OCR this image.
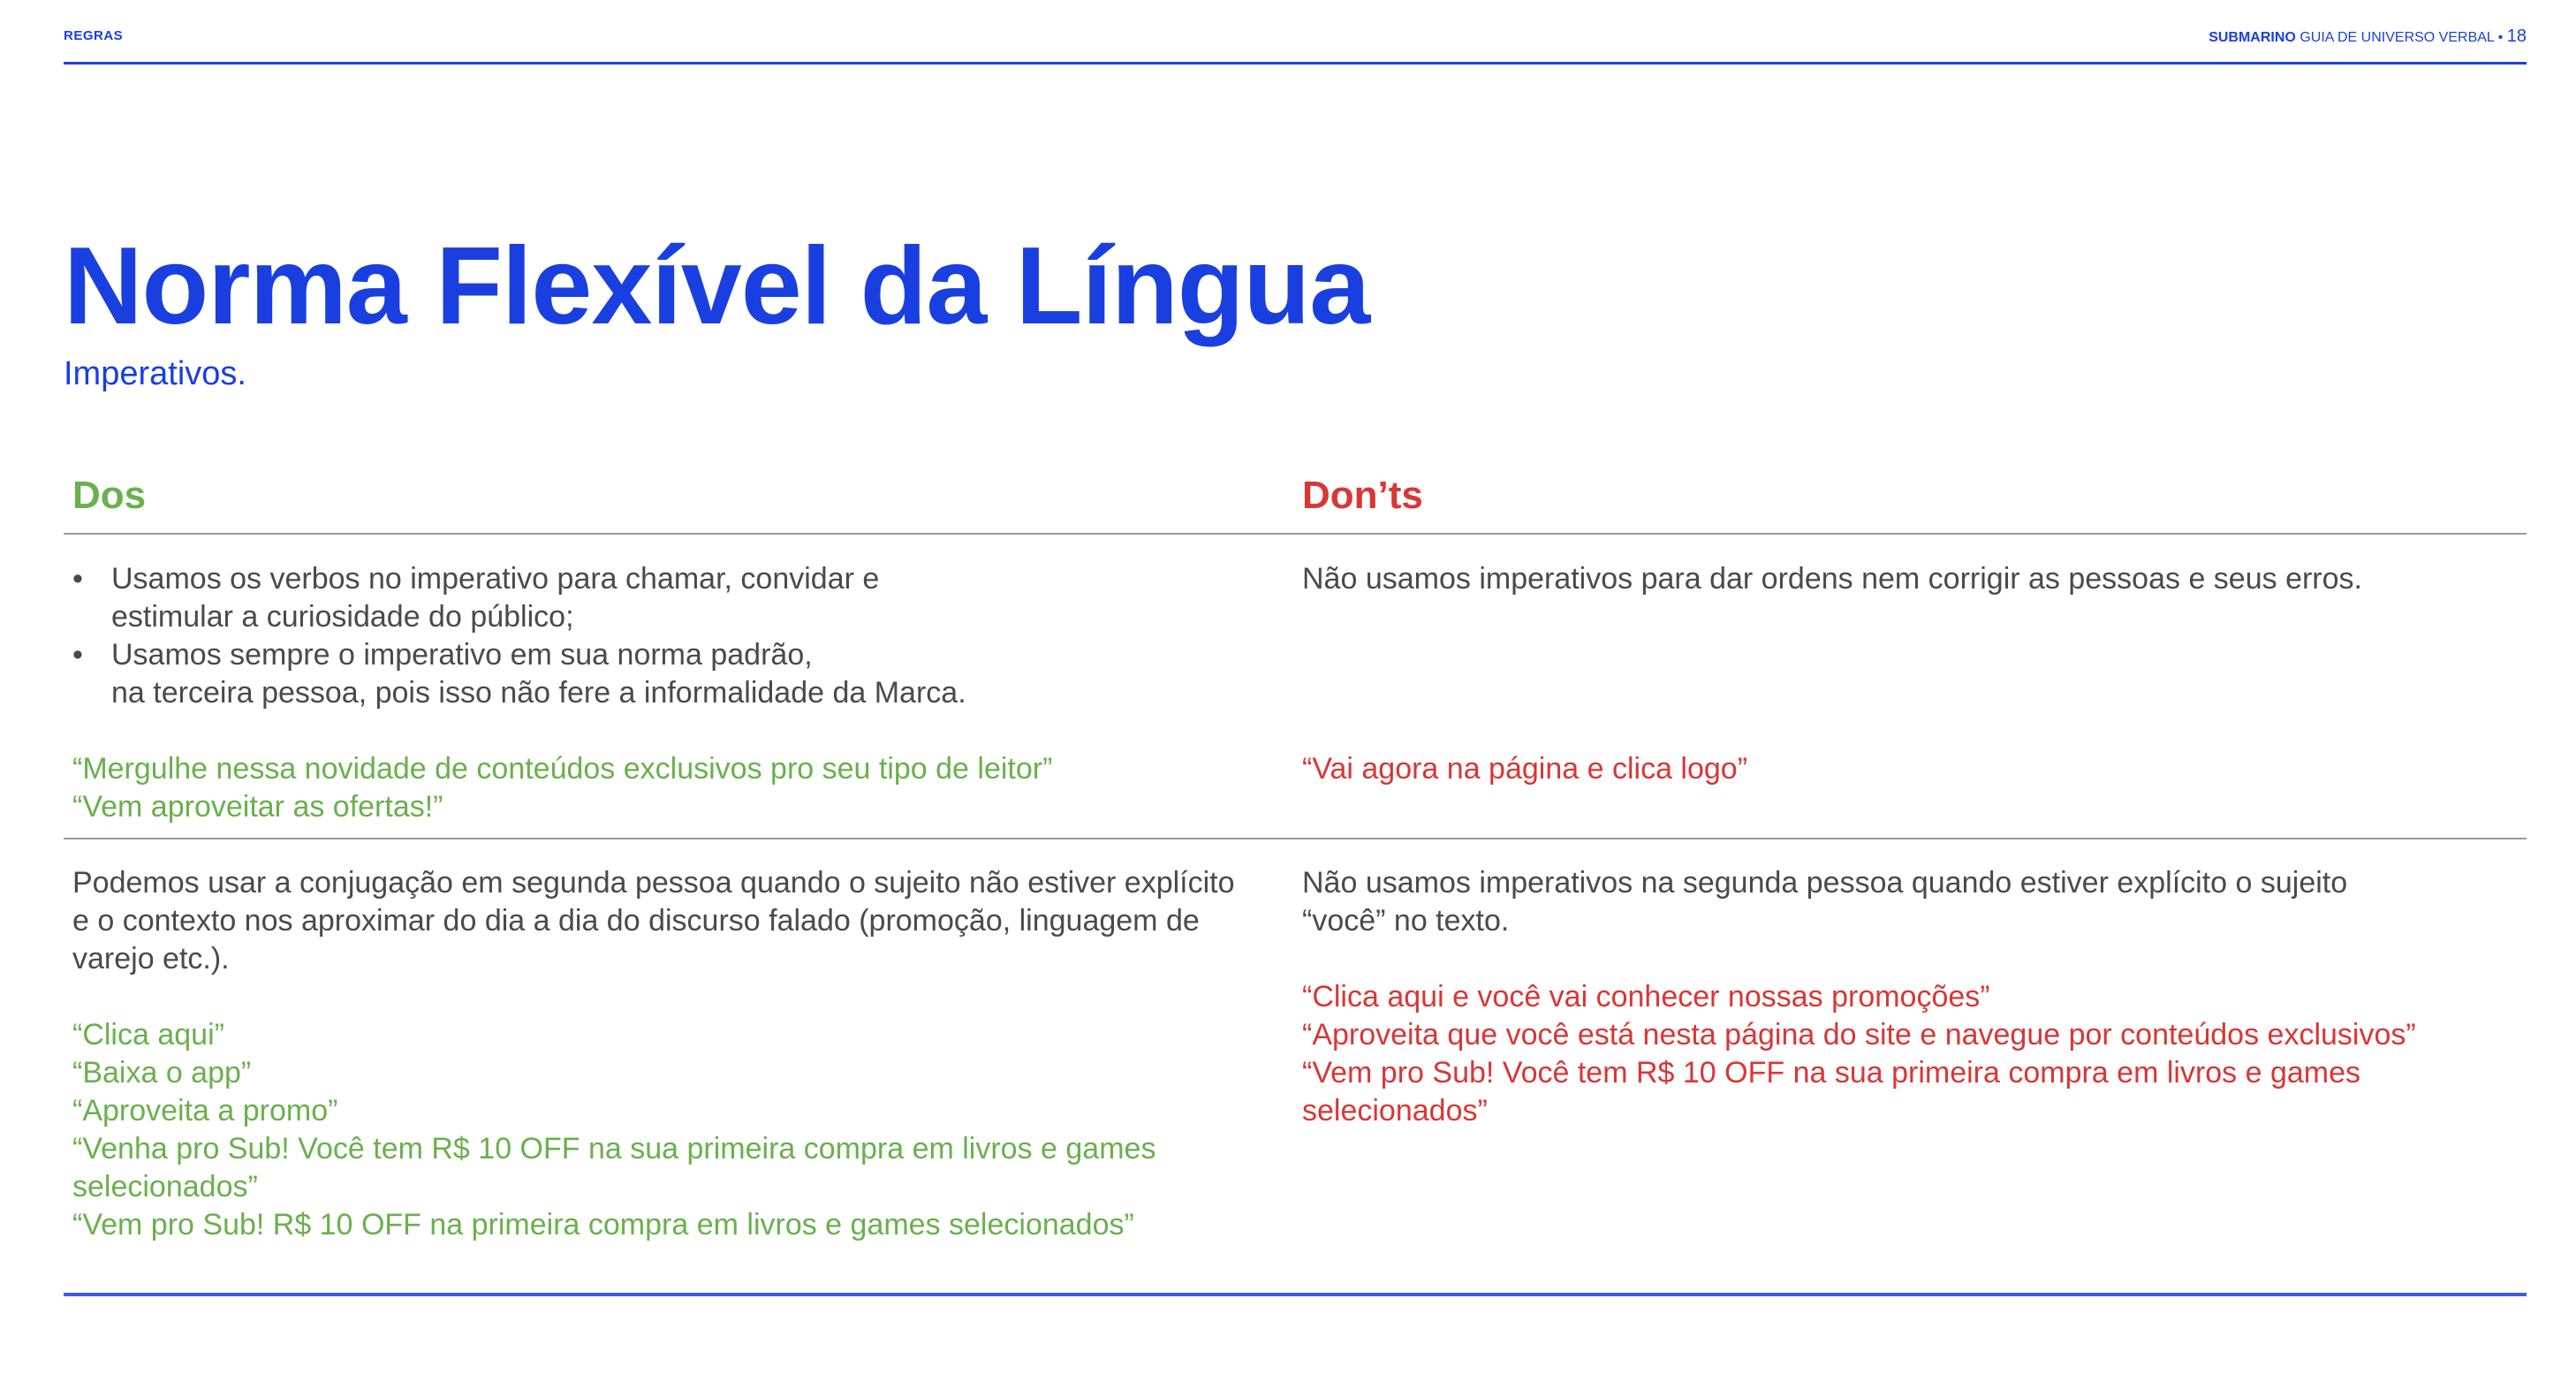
REGRAS	SUBMARINO GUIA DE UNIVERSO VERBAL • 18
Norma Flexível da Língua
Imperativos.
Dos	Don’ts
• Usamos os verbos no imperativo para chamar, convidar e
estimular a curiosidade do público;
• Usamos sempre o imperativo em sua norma padrão,
na terceira pessoa, pois isso não fere a informalidade da Marca.

“Mergulhe nessa novidade de conteúdos exclusivos pro seu tipo de leitor”

“Vem aproveitar as ofertas!”

Não usamos imperativos para dar ordens nem corrigir as pessoas e seus erros.

“Vai agora na página e clica logo”

Podemos usar a conjugação em segunda pessoa quando o sujeito não estiver explícito

e o contexto nos aproximar do dia a dia do discurso falado (promoção, linguagem de

varejo etc.).

“Clica aqui”

“Baixa o app”

“Aproveita a promo”

“Venha pro Sub! Você tem R$ 10 OFF na sua primeira compra em livros e games

selecionados”

“Vem pro Sub! R$ 10 OFF na primeira compra em livros e games selecionados”

Não usamos imperativos na segunda pessoa quando estiver explícito o sujeito

“você” no texto.

“Clica aqui e você vai conhecer nossas promoções”

“Aproveita que você está nesta página do site e navegue por conteúdos exclusivos”

“Vem pro Sub! Você tem R$ 10 OFF na sua primeira compra em livros e games

selecionados”
